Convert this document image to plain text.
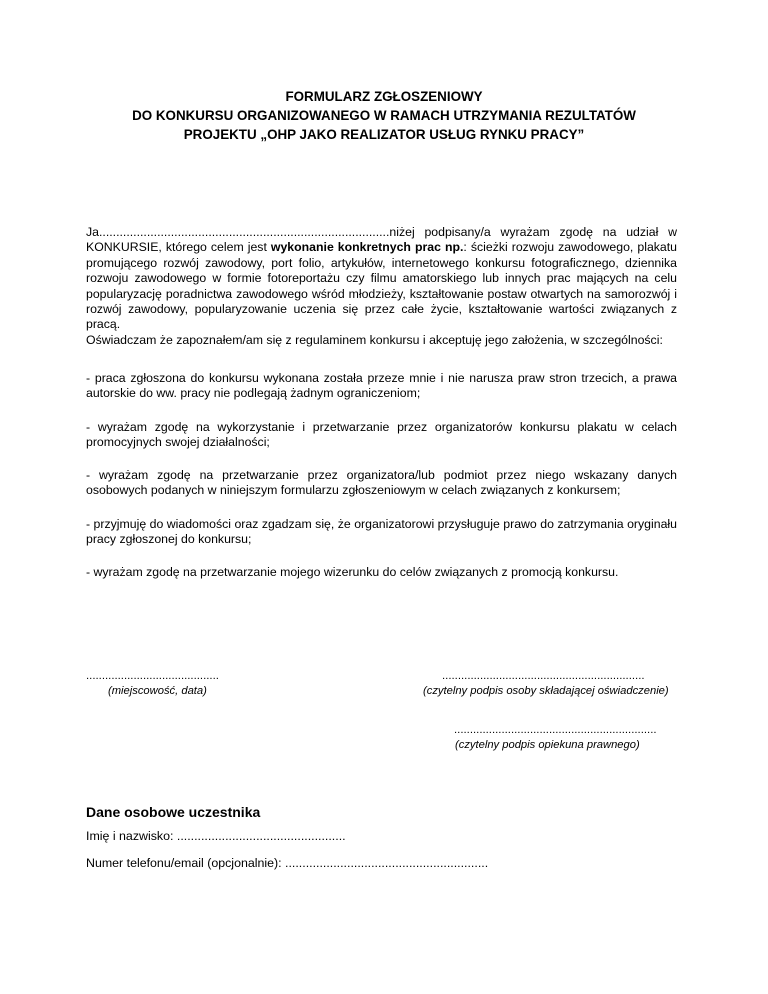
FORMULARZ ZGŁOSZENIOWY
DO KONKURSU ORGANIZOWANEGO W RAMACH UTRZYMANIA REZULTATÓW
PROJEKTU „OHP JAKO REALIZATOR USŁUG RYNKU PRACY”

Ja.....................................................................................niżej podpisany/a wyrażam zgodę na udział w KONKURSIE, którego celem jest wykonanie konkretnych prac np.: ścieżki rozwoju zawodowego, plakatu promującego rozwój zawodowy, port folio, artykułów, internetowego konkursu fotograficznego, dziennika rozwoju zawodowego w formie fotoreportażu czy filmu amatorskiego lub innych prac mających na celu popularyzację poradnictwa zawodowego wśród młodzieży, kształtowanie postaw otwartych na samorozwój i rozwój zawodowy, popularyzowanie uczenia się przez całe życie, kształtowanie wartości związanych z pracą.

Oświadczam że zapoznałem/am się z regulaminem konkursu i akceptuję jego założenia, w szczególności:

- praca zgłoszona do konkursu wykonana została przeze mnie i nie narusza praw stron trzecich, a prawa autorskie do ww. pracy nie podlegają żadnym ograniczeniom;

- wyrażam zgodę na wykorzystanie i przetwarzanie przez organizatorów konkursu plakatu w celach promocyjnych swojej działalności;

- wyrażam zgodę na przetwarzanie przez organizatora/lub podmiot przez niego wskazany danych osobowych podanych w niniejszym formularzu zgłoszeniowym w celach związanych z konkursem;

- przyjmuję do wiadomości oraz zgadzam się, że organizatorowi przysługuje prawo do zatrzymania oryginału pracy zgłoszonej do konkursu;

- wyrażam zgodę na przetwarzanie mojego wizerunku do celów związanych z promocją konkursu.

..........................................
(miejscowość, data)
................................................................
(czytelny podpis osoby składającej oświadczenie)
................................................................
(czytelny podpis opiekuna prawnego)
Dane osobowe uczestnika
Imię i nazwisko: .................................................
Numer telefonu/email (opcjonalnie): ...........................................................
